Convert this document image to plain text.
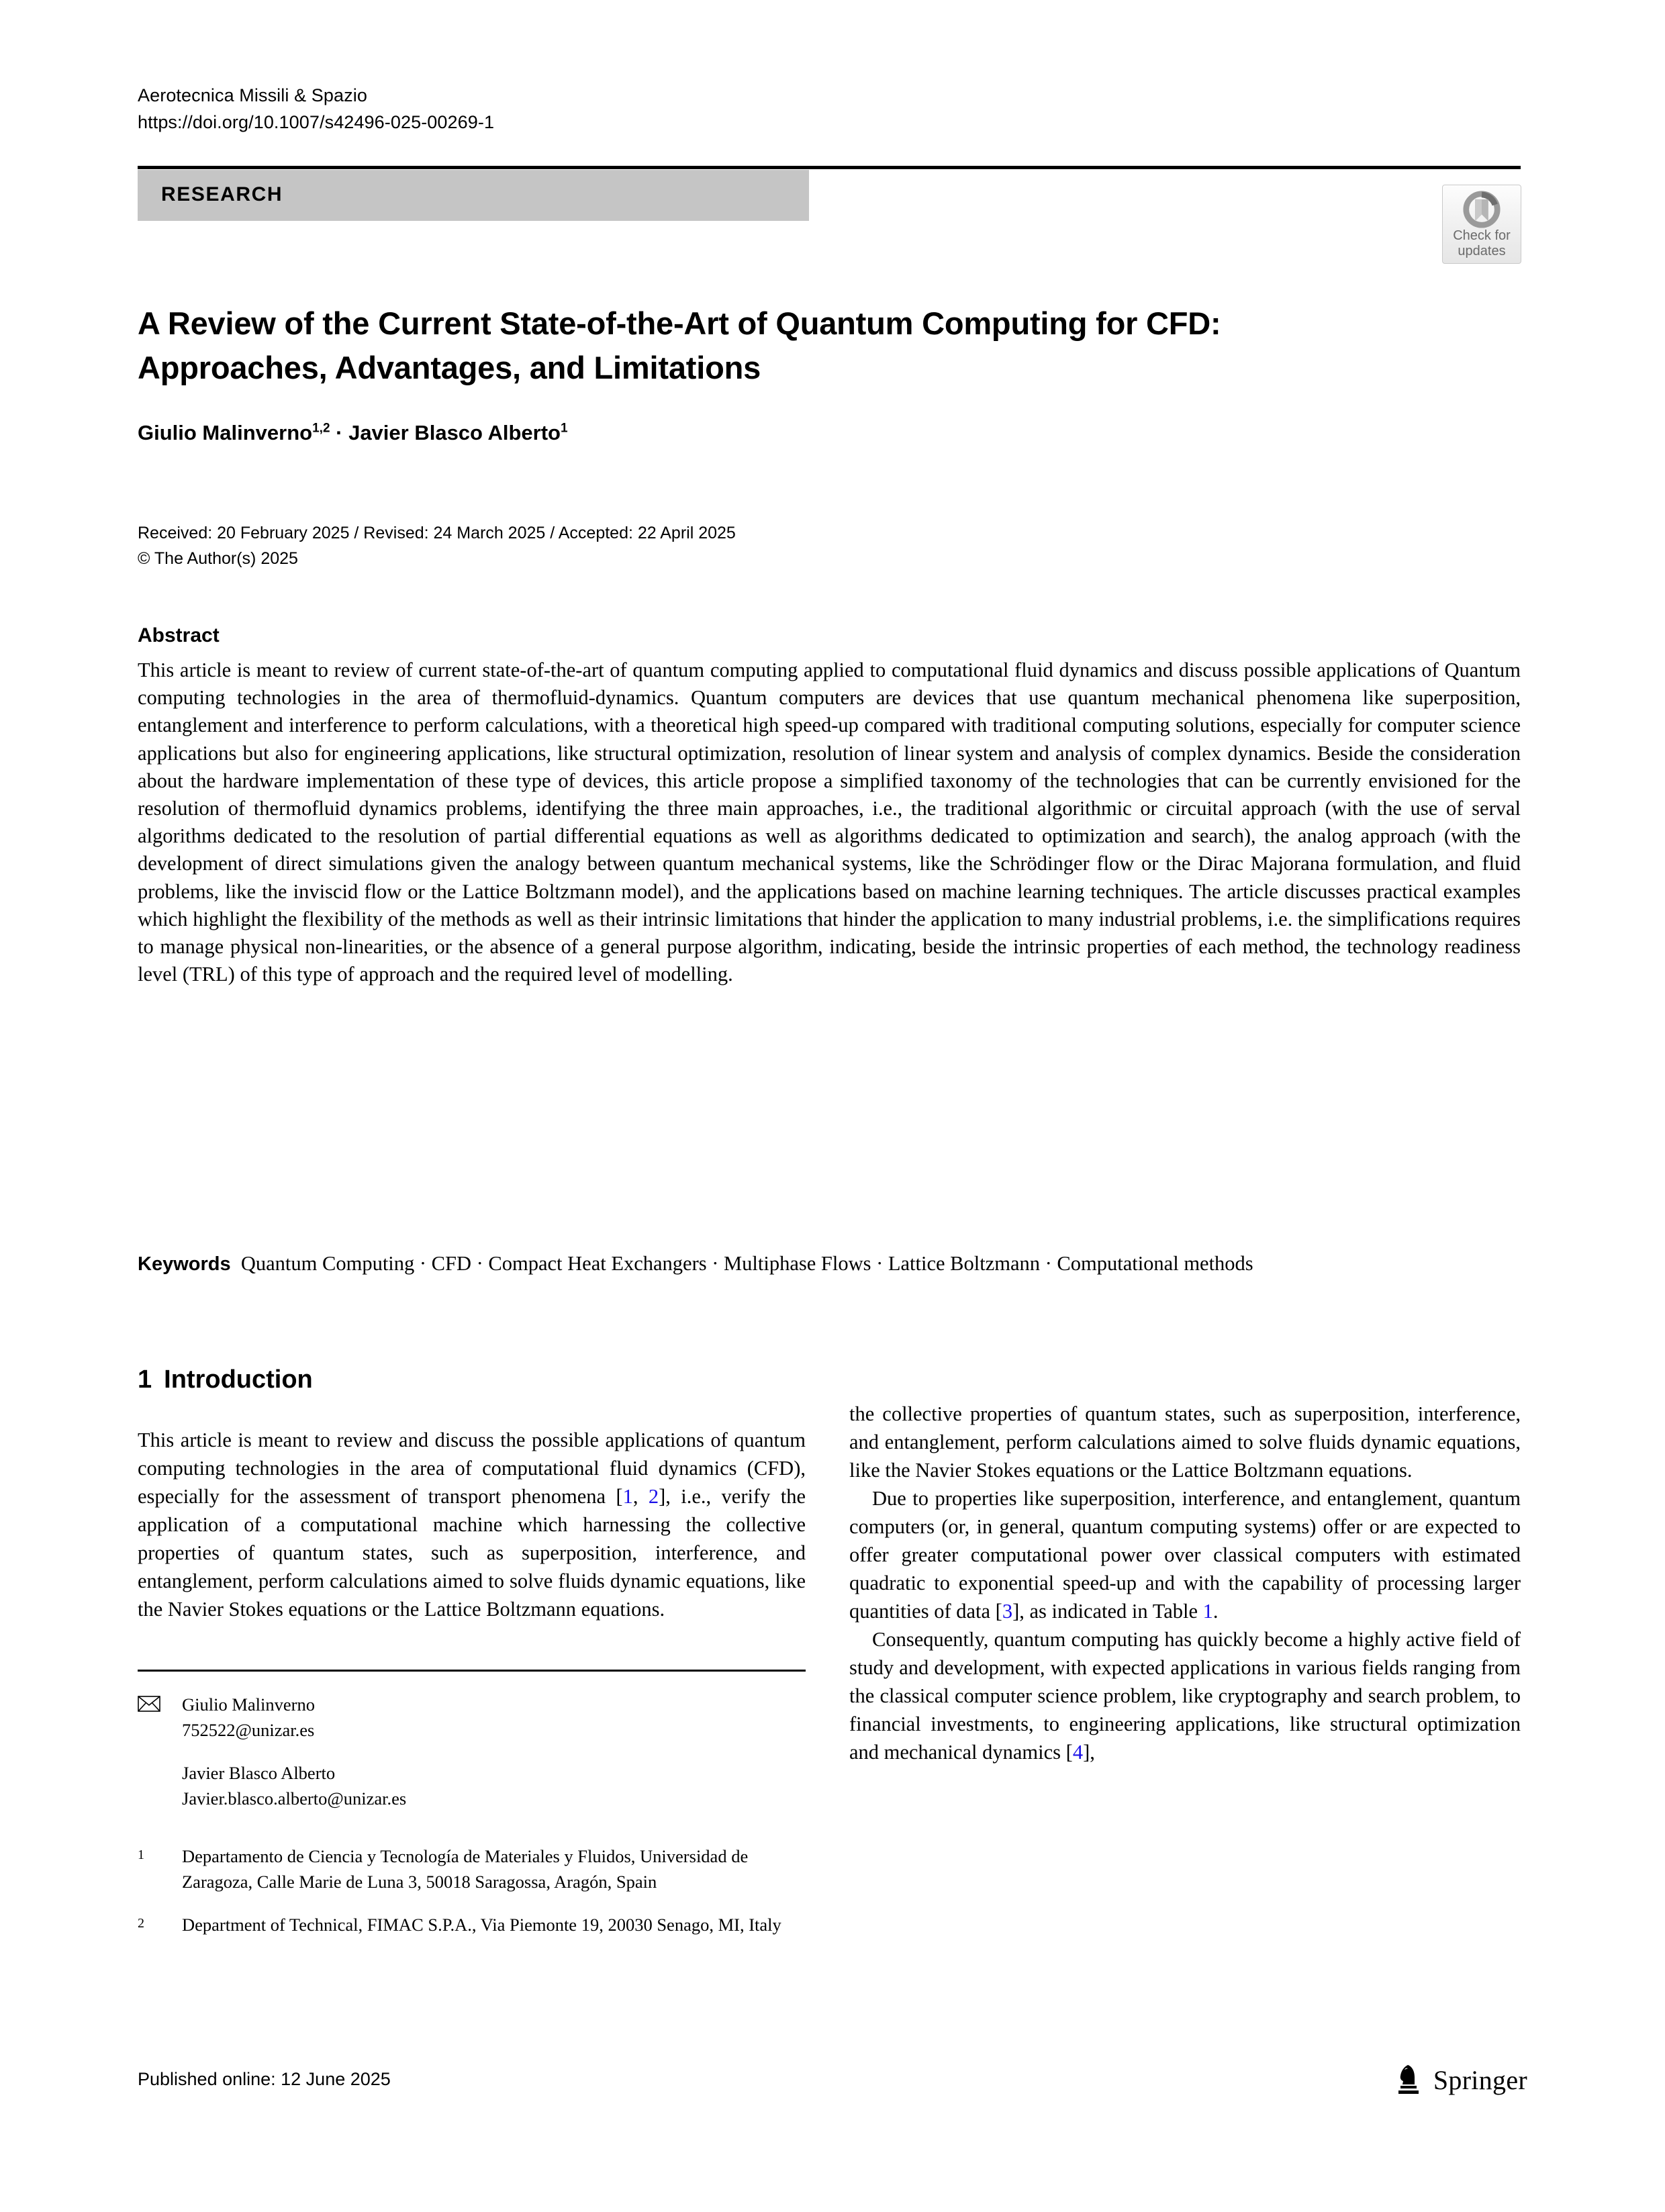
Aerotecnica Missili & Spazio
https://doi.org/10.1007/s42496-025-00269-1
RESEARCH
Check for
updates
A Review of the Current State-of-the-Art of Quantum Computing for CFD: Approaches, Advantages, and Limitations
Giulio Malinverno$^{1,2}$ · Javier Blasco Alberto$^1$
Received: 20 February 2025 / Revised: 24 March 2025 / Accepted: 22 April 2025
© The Author(s) 2025
Abstract
This article is meant to review of current state-of-the-art of quantum computing applied to computational fluid dynamics and discuss possible applications of Quantum computing technologies in the area of thermofluid-dynamics. Quantum computers are devices that use quantum mechanical phenomena like superposition, entanglement and interference to perform calculations, with a theoretical high speed-up compared with traditional computing solutions, especially for computer science applications but also for engineering applications, like structural optimization, resolution of linear system and analysis of complex dynamics. Beside the consideration about the hardware implementation of these type of devices, this article propose a simplified taxonomy of the technologies that can be currently envisioned for the resolution of thermofluid dynamics problems, identifying the three main approaches, i.e., the traditional algorithmic or circuital approach (with the use of serval algorithms dedicated to the resolution of partial differential equations as well as algorithms dedicated to optimization and search), the analog approach (with the development of direct simulations given the analogy between quantum mechanical systems, like the Schrödinger flow or the Dirac Majorana formulation, and fluid problems, like the inviscid flow or the Lattice Boltzmann model), and the applications based on machine learning techniques. The article discusses practical examples which highlight the flexibility of the methods as well as their intrinsic limitations that hinder the application to many industrial problems, i.e. the simplifications requires to manage physical non-linearities, or the absence of a general purpose algorithm, indicating, beside the intrinsic properties of each method, the technology readiness level (TRL) of this type of approach and the required level of modelling.
Keywords Quantum Computing · CFD · Compact Heat Exchangers · Multiphase Flows · Lattice Boltzmann · Computational methods
1 Introduction

This article is meant to review and discuss the possible applications of quantum computing technologies in the area of computational fluid dynamics (CFD), especially for the assessment of transport phenomena [1, 2], i.e., verify the application of a computational machine which harnessing the collective properties of quantum states, such as superposition, interference, and entanglement, perform calculations aimed to solve fluids dynamic equations, like the Navier Stokes equations or the Lattice Boltzmann equations.

Giulio Malinverno
752522@unizar.es
Javier Blasco Alberto
Javier.blasco.alberto@unizar.es
1	Departamento de Ciencia y Tecnología de Materiales y Fluidos, Universidad de Zaragoza, Calle Marie de Luna 3, 50018 Saragossa, Aragón, Spain
2	Department of Technical, FIMAC S.P.A., Via Piemonte 19, 20030 Senago, MI, Italy

the collective properties of quantum states, such as superposition, interference, and entanglement, perform calculations aimed to solve fluids dynamic equations, like the Navier Stokes equations or the Lattice Boltzmann equations.

Due to properties like superposition, interference, and entanglement, quantum computers (or, in general, quantum computing systems) offer or are expected to offer greater computational power over classical computers with estimated quadratic to exponential speed-up and with the capability of processing larger quantities of data [3], as indicated in Table 1.

Consequently, quantum computing has quickly become a highly active field of study and development, with expected applications in various fields ranging from the classical computer science problem, like cryptography and search problem, to financial investments, to engineering applications, like structural optimization and mechanical dynamics [4],

Published online: 12 June 2025	Springer
